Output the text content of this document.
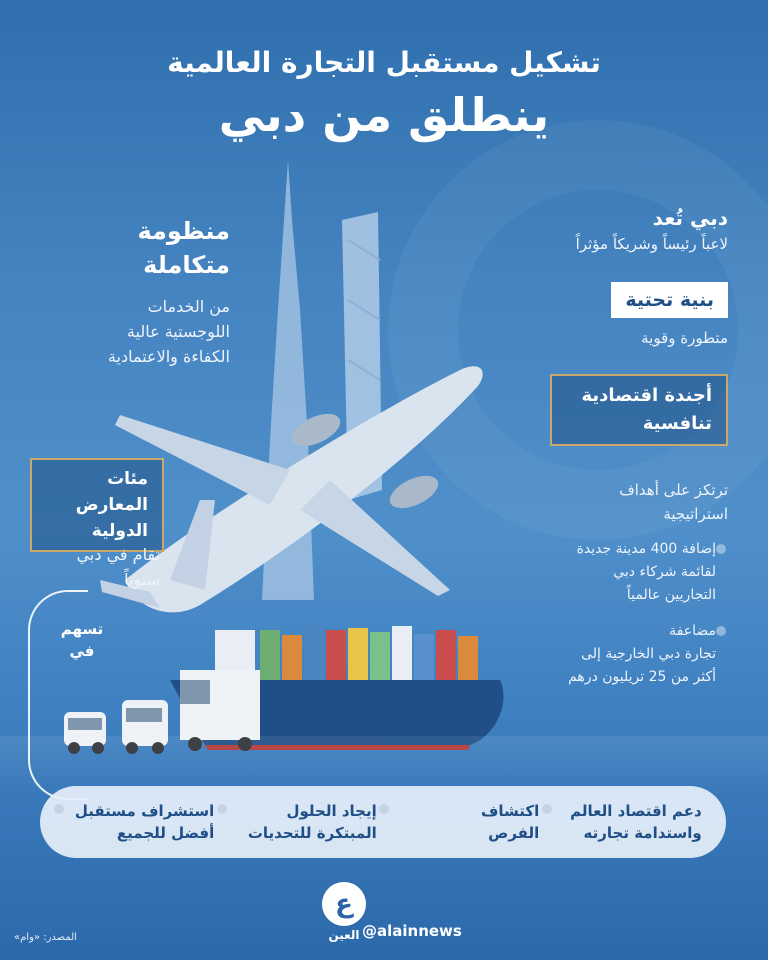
تشكيل مستقبل التجارة العالمية
ينطلق من دبي
منظومة
متكاملة
من الخدمات
اللوجستية عالية
الكفاءة والاعتمادية
مئات المعارض
الدولية
تقام في دبي
سنوياً
تسهم
في
دبي تُعد
لاعباً رئيساً وشريكاً مؤثراً
بنية تحتية
متطورة وقوية
أجندة اقتصادية
تنافسية
ترتكز على أهداف
استراتيجية
إضافة 400 مدينة جديدة
لقائمة شركاء دبي
التجاريين عالمياً
مضاعفة
تجارة دبي الخارجية إلى
أكثر من 25 تريليون درهم
دعم اقتصاد العالم
واستدامة تجارته
اكتشاف
الفرص
إيجاد الحلول
المبتكرة للتحديات
استشراف مستقبل
أفضل للجميع
ع
العين @alainnews
المصدر: «وام»
